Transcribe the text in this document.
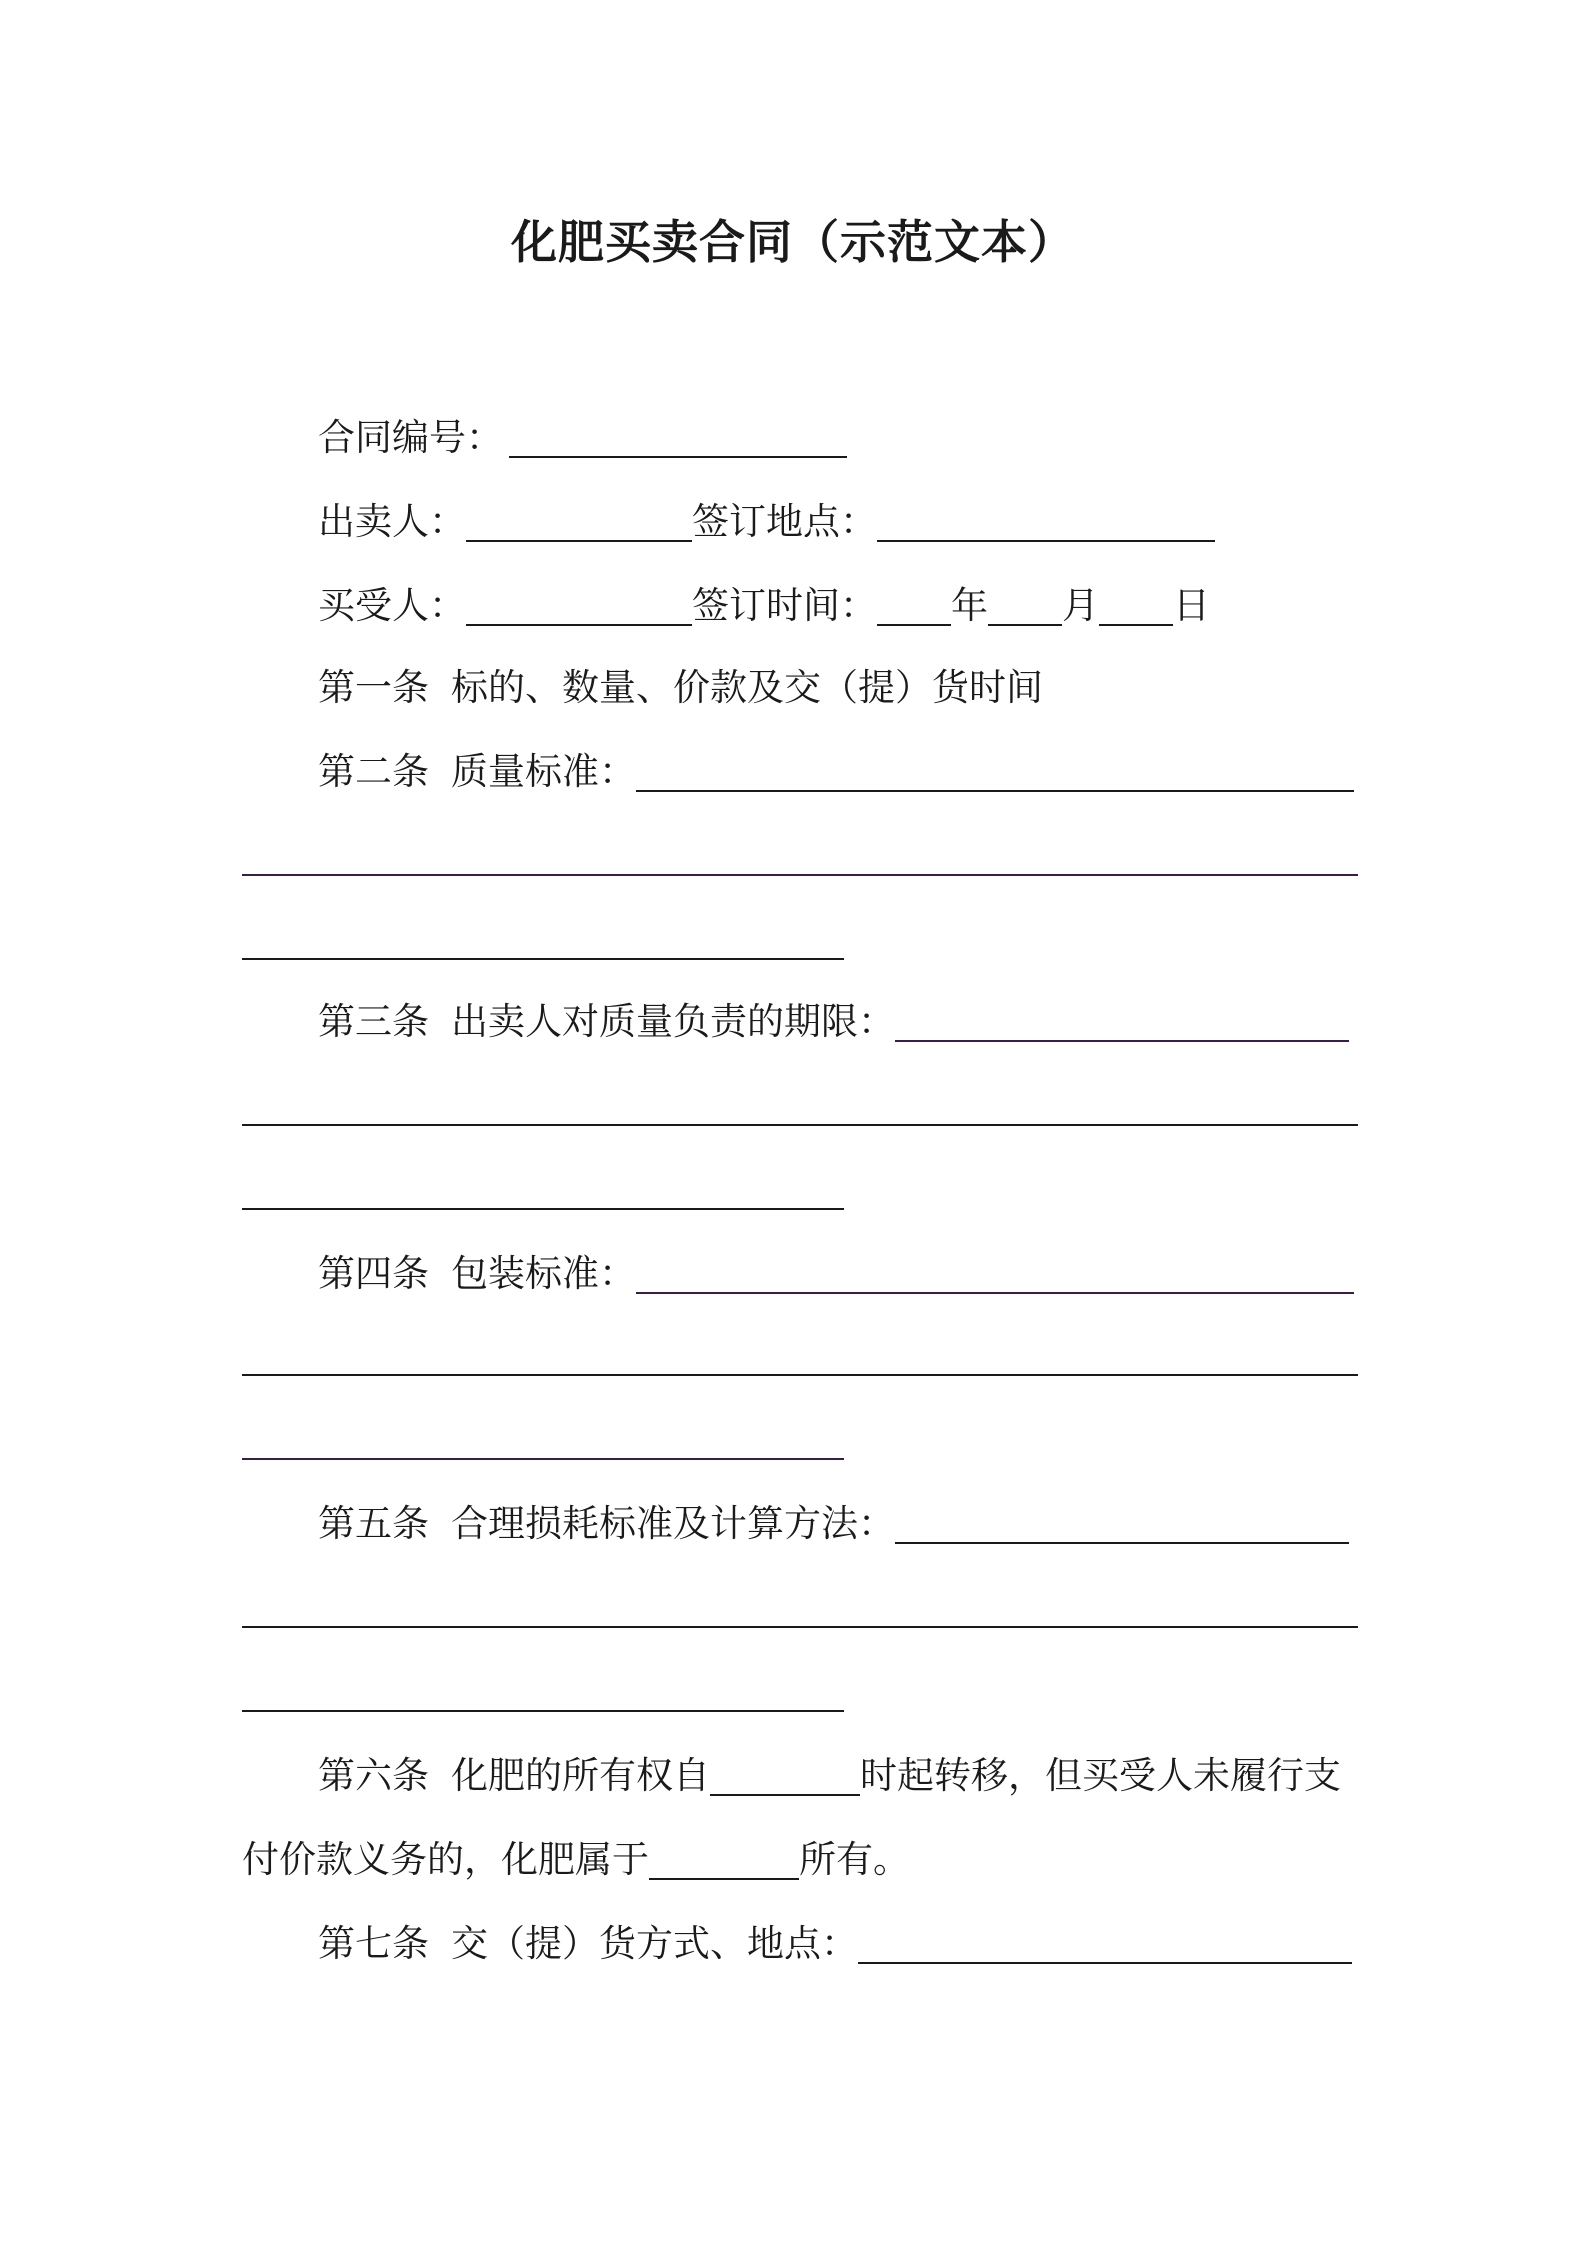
化肥买卖合同（示范文本）
合同编号：
出卖人：	签订地点：
买受人：	签订时间： 年 月 日
第一条 标的、数量、价款及交（提）货时间
第二条 质量标准：
第三条 出卖人对质量负责的期限：
第四条 包装标准：
第五条 合理损耗标准及计算方法：
第六条 化肥的所有权自	时起转移，但买受人未履行支
付价款义务的，化肥属于	所有。
第七条 交（提）货方式、地点：
